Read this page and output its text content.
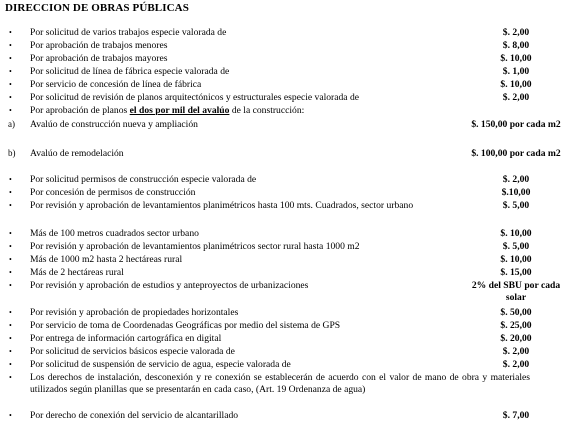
DIRECCION DE OBRAS PÚBLICAS
• Por solicitud de varios trabajos especie valorada de	$. 2,00
• Por aprobación de trabajos menores	$. 8,00
• Por aprobación de trabajos mayores	$. 10,00
• Por solicitud de línea de fábrica especie valorada de	$. 1,00
• Por servicio de concesión de línea de fábrica	$. 10,00
• Por solicitud de revisión de planos arquitectónicos y estructurales especie valorada de	$. 2,00
• Por aprobación de planos el dos por mil del avalúo de la construcción:
a) Avalúo de construcción nueva y ampliación	$. 150,00 por cada m2
b) Avalúo de remodelación	$. 100,00 por cada m2
• Por solicitud permisos de construcción especie valorada de	$. 2,00
• Por concesión de permisos de construcción	$.10,00
• Por revisión y aprobación de levantamientos planimétricos hasta 100 mts. Cuadrados, sector urbano	$. 5,00
• Más de 100 metros cuadrados sector urbano	$. 10,00
• Por revisión y aprobación de levantamientos planimétricos sector rural hasta 1000 m2	$. 5,00
• Más de 1000 m2 hasta 2 hectáreas rural	$. 10,00
• Más de 2 hectáreas rural	$. 15,00
• Por revisión y aprobación de estudios y anteproyectos de urbanizaciones	2% del SBU por cada solar
• Por revisión y aprobación de propiedades horizontales	$. 50,00
• Por servicio de toma de Coordenadas Geográficas por medio del sistema de GPS	$. 25,00
• Por entrega de información cartográfica en digital	$. 20,00
• Por solicitud de servicios básicos especie valorada de	$. 2,00
• Por solicitud de suspensión de servicio de agua, especie valorada de	$. 2,00
• Los derechos de instalación, desconexión y re conexión se establecerán de acuerdo con el valor de mano de obra y materiales utilizados según planillas que se presentarán en cada caso, (Art. 19 Ordenanza de agua)
• Por derecho de conexión del servicio de alcantarillado	$. 7,00
